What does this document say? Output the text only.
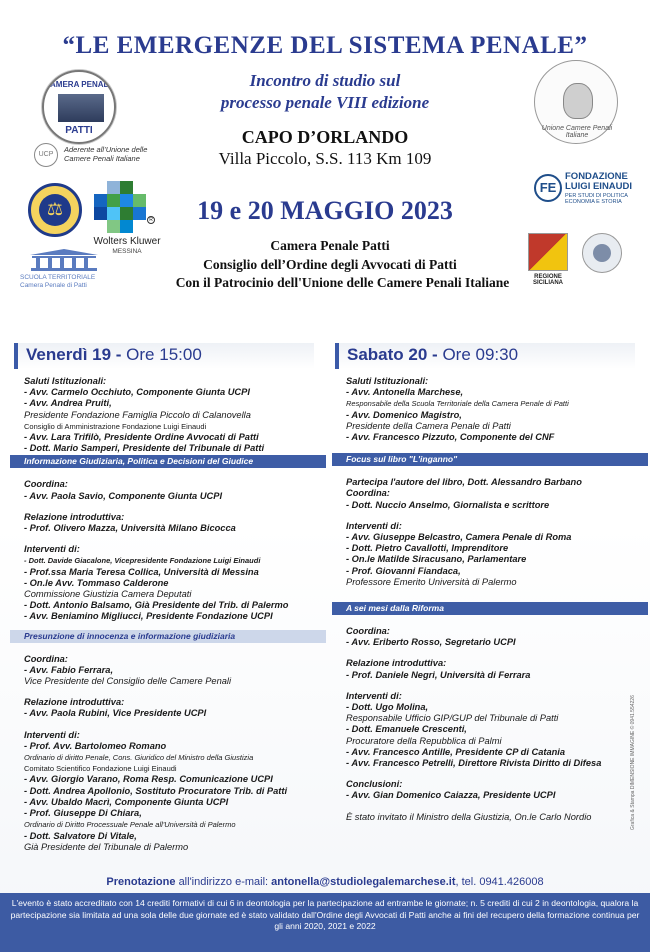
“LE EMERGENZE DEL SISTEMA PENALE”
CAMERA PENALE
PATTI
UCP
Aderente all’Unione delle
Camere Penali Italiane
⚖
R
Wolters Kluwer
MESSINA
SCUOLA TERRITORIALE
Camera Penale di Patti
Incontro di studio sul
processo penale VIII edizione
CAPO D’ORLANDO
Villa Piccolo, S.S. 113 Km 109
19 e 20 MAGGIO 2023
Camera Penale Patti
Consiglio dell’Ordine degli Avvocati di Patti
Con il Patrocinio dell'Unione delle Camere Penali Italiane
Unione Camere Penali Italiane
FE
FONDAZIONE
LUIGI EINAUDI
PER STUDI DI POLITICA
ECONOMIA E STORIA
REGIONE
SICILIANA
Venerdì 19 - Ore 15:00	Sabato 20 - Ore 09:30

Saluti Istituzionali:

- Avv. Carmelo Occhiuto, Componente Giunta UCPI

- Avv. Andrea Pruiti,

Presidente Fondazione Famiglia Piccolo di Calanovella

Consiglio di Amministrazione Fondazione Luigi Einaudi

- Avv. Lara Trifilò, Presidente Ordine Avvocati di Patti

- Dott. Mario Samperi, Presidente del Tribunale di Patti

Informazione Giudiziaria, Politica e Decisioni del Giudice

Coordina:

- Avv. Paola Savio, Componente Giunta UCPI

Relazione introduttiva:

- Prof. Olivero Mazza, Università Milano Bicocca

Interventi di:

- Dott. Davide Giacalone, Vicepresidente Fondazione Luigi Einaudi

- Prof.ssa Maria Teresa Collica, Università di Messina

- On.le Avv. Tommaso Calderone

Commissione Giustizia Camera Deputati

- Dott. Antonio Balsamo, Già Presidente del Trib. di Palermo

- Avv. Beniamino Migliucci, Presidente Fondazione UCPI

Presunzione di innocenza e informazione giudiziaria

Coordina:

- Avv. Fabio Ferrara,

Vice Presidente del Consiglio delle Camere Penali

Relazione introduttiva:

- Avv. Paola Rubini, Vice Presidente UCPI

Interventi di:

- Prof. Avv. Bartolomeo Romano

Ordinario di diritto Penale, Cons. Giuridico del Ministro della Giustizia

Comitato Scientifico Fondazione Luigi Einaudi

- Avv. Giorgio Varano, Roma Resp. Comunicazione UCPI

- Dott. Andrea Apollonio, Sostituto Procuratore Trib. di Patti

- Avv. Ubaldo Macrì, Componente Giunta UCPI

- Prof. Giuseppe Di Chiara,

Ordinario di Diritto Processuale Penale all'Università di Palermo

- Dott. Salvatore Di Vitale,

Già Presidente del Tribunale di Palermo

Saluti Istituzionali:

- Avv. Antonella Marchese,

Responsabile della Scuola Territoriale della Camera Penale di Patti

- Avv. Domenico Magistro,

Presidente della Camera Penale di Patti

- Avv. Francesco Pizzuto, Componente del CNF

Focus sul libro "L'inganno"

Partecipa l'autore del libro, Dott. Alessandro Barbano

Coordina:

- Dott. Nuccio Anselmo, Giornalista e scrittore

Interventi di:

- Avv. Giuseppe Belcastro, Camera Penale di Roma

- Dott. Pietro Cavallotti, Imprenditore

- On.le Matilde Siracusano, Parlamentare

- Prof. Giovanni Fiandaca,

Professore Emerito Università di Palermo

A sei mesi dalla Riforma

Coordina:

- Avv. Eriberto Rosso, Segretario UCPI

Relazione introduttiva:

- Prof. Daniele Negri, Università di Ferrara

Interventi di:

- Dott. Ugo Molina,

Responsabile Ufficio GIP/GUP del Tribunale di Patti

- Dott. Emanuele Crescenti,

Procuratore della Repubblica di Palmi

- Avv. Francesco Antille, Presidente CP di Catania

- Avv. Francesco Petrelli, Direttore Rivista Diritto di Difesa

Conclusioni:

- Avv. Gian Domenico Caiazza, Presidente UCPI

È stato invitato il Ministro della Giustizia, On.le Carlo Nordio	Grafica & Stampa DIMENSIONE IMMAGINE © 0941.554226
Prenotazione all'indirizzo e-mail: antonella@studiolegalemarchese.it, tel. 0941.426008
L'evento è stato accreditato con 14 crediti formativi di cui 6 in deontologia per la partecipazione ad entrambe le giornate; n. 5 crediti di cui 2 in deontologia, qualora la partecipazione sia limitata ad una sola delle due giornate ed è stato validato dall'Ordine degli Avvocati di Patti anche ai fini del recupero della formazione continua per gli anni 2020, 2021 e 2022
